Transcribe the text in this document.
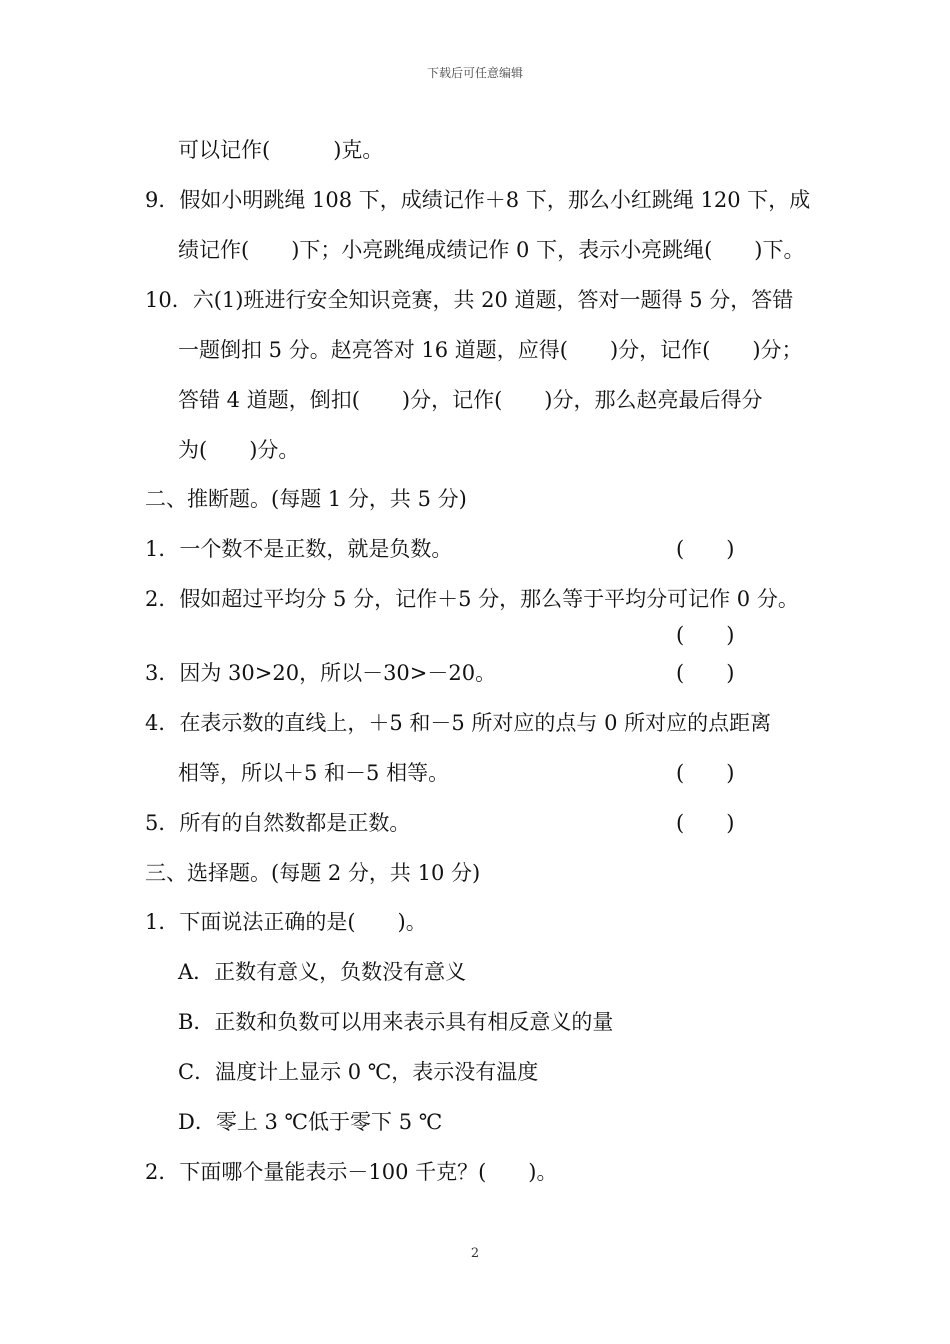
下载后可任意编辑
可以记作(　　　)克。
9．假如小明跳绳 108 下，成绩记作＋8 下，那么小红跳绳 120 下，成
绩记作(　　)下；小亮跳绳成绩记作 0 下，表示小亮跳绳(　　)下。
10．六(1)班进行安全知识竞赛，共 20 道题，答对一题得 5 分，答错
一题倒扣 5 分。赵亮答对 16 道题，应得(　　)分，记作(　　)分；
答错 4 道题，倒扣(　　)分，记作(　　)分，那么赵亮最后得分
为(　　)分。
二、推断题。(每题 1 分，共 5 分)
1．一个数不是正数，就是负数。	(　　)
2．假如超过平均分 5 分，记作＋5 分，那么等于平均分可记作 0 分。
(　　)
3．因为 30>20，所以－30>－20。	(　　)
4．在表示数的直线上，＋5 和－5 所对应的点与 0 所对应的点距离
相等，所以＋5 和－5 相等。	(　　)
5．所有的自然数都是正数。	(　　)
三、选择题。(每题 2 分，共 10 分)
1．下面说法正确的是(　　)。
A．正数有意义，负数没有意义
B．正数和负数可以用来表示具有相反意义的量
C．温度计上显示 0 ℃，表示没有温度
D．零上 3 ℃低于零下 5 ℃
2．下面哪个量能表示－100 千克？(　　)。
2
